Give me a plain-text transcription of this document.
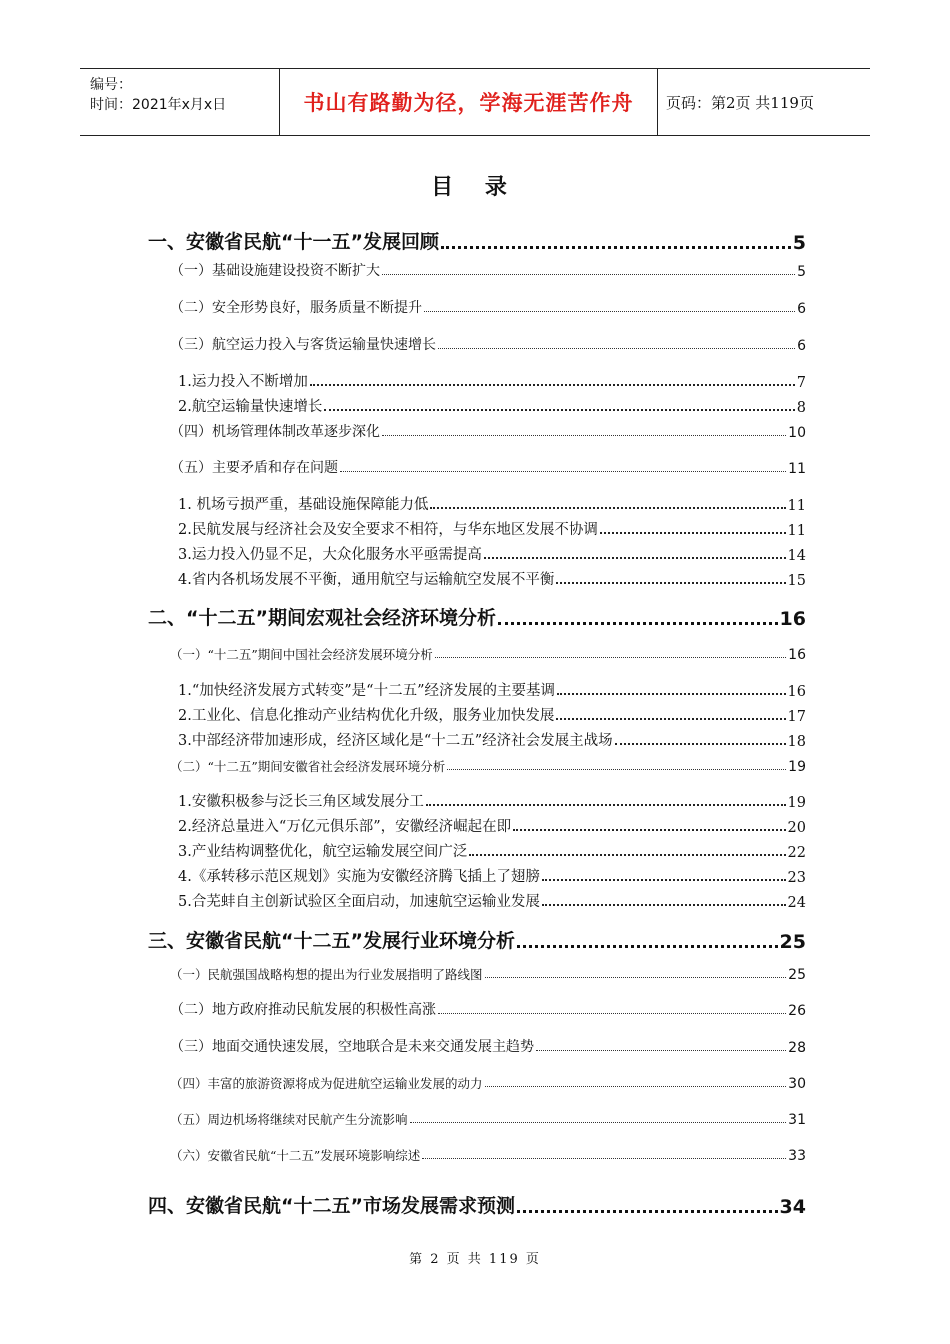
编号：
时间：2021年x月x日	书山有路勤为径，学海无涯苦作舟	页码：第2页 共119页
目 录
一、安徽省民航“十一五”发展回顾	5
（一）基础设施建设投资不断扩大	5
（二）安全形势良好，服务质量不断提升	6
（三）航空运力投入与客货运输量快速增长	6
1.运力投入不断增加	7
2.航空运输量快速增长	8
（四）机场管理体制改革逐步深化	10
（五）主要矛盾和存在问题	11
1. 机场亏损严重，基础设施保障能力低	11
2.民航发展与经济社会及安全要求不相符，与华东地区发展不协调	11
3.运力投入仍显不足，大众化服务水平亟需提高	14
4.省内各机场发展不平衡，通用航空与运输航空发展不平衡	15
二、“十二五”期间宏观社会经济环境分析	16
（一）“十二五”期间中国社会经济发展环境分析	16
1.“加快经济发展方式转变”是“十二五”经济发展的主要基调	16
2.工业化、信息化推动产业结构优化升级，服务业加快发展	17
3.中部经济带加速形成，经济区域化是“十二五”经济社会发展主战场	18
（二）“十二五”期间安徽省社会经济发展环境分析	19
1.安徽积极参与泛长三角区域发展分工	19
2.经济总量进入“万亿元俱乐部”，安徽经济崛起在即	20
3.产业结构调整优化，航空运输发展空间广泛	22
4.《承转移示范区规划》实施为安徽经济腾飞插上了翅膀	23
5.合芜蚌自主创新试验区全面启动，加速航空运输业发展	24
三、安徽省民航“十二五”发展行业环境分析	25
（一）民航强国战略构想的提出为行业发展指明了路线图	25
（二）地方政府推动民航发展的积极性高涨	26
（三）地面交通快速发展，空地联合是未来交通发展主趋势	28
（四）丰富的旅游资源将成为促进航空运输业发展的动力	30
（五）周边机场将继续对民航产生分流影响	31
（六）安徽省民航“十二五”发展环境影响综述	33
四、安徽省民航“十二五”市场发展需求预测	34
第 2 页 共 119 页
